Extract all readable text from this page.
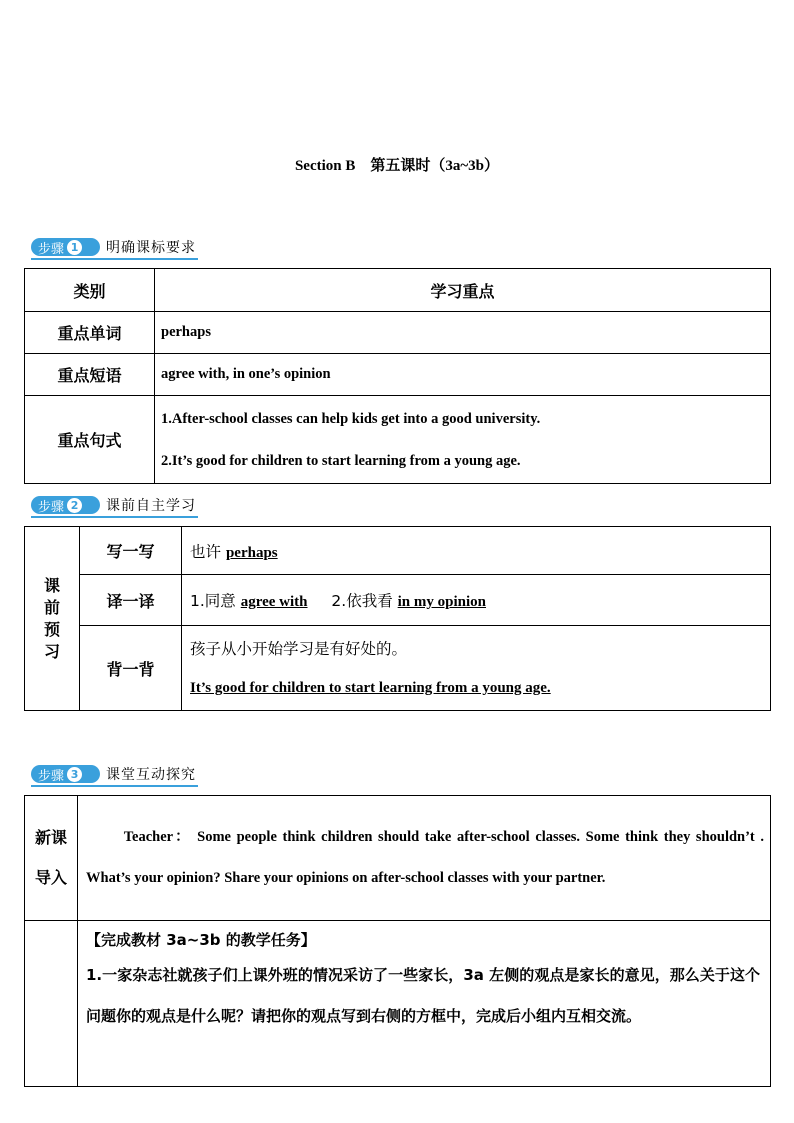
Section B　第五课时（3a~3b）
步骤 1 明确课标要求
类别	学习重点
重点单词	perhaps
重点短语	agree with, in one’s opinion
重点句式	1.After-school classes can help kids get into a good university.
2.It’s good for children to start learning from a young age.
步骤 2 课前自主学习
课
前
预
习	写一写	也许 perhaps
	译一译	1.同意 agree with 2.依我看 in my opinion
	背一背	孩子从小开始学习是有好处的。
It’s good for children to start learning from a young age.
步骤 3 课堂互动探究
新课
导入	Teacher： Some people think children should take after-school classes. Some think they shouldn’t . What’s your opinion? Share your opinions on after-school classes with your partner.

	【完成教材 3a~3b 的教学任务】
1.一家杂志社就孩子们上课外班的情况采访了一些家长，3a 左侧的观点是家长的意见，那么关于这个问题你的观点是什么呢？请把你的观点写到右侧的方框中，完成后小组内互相交流。
